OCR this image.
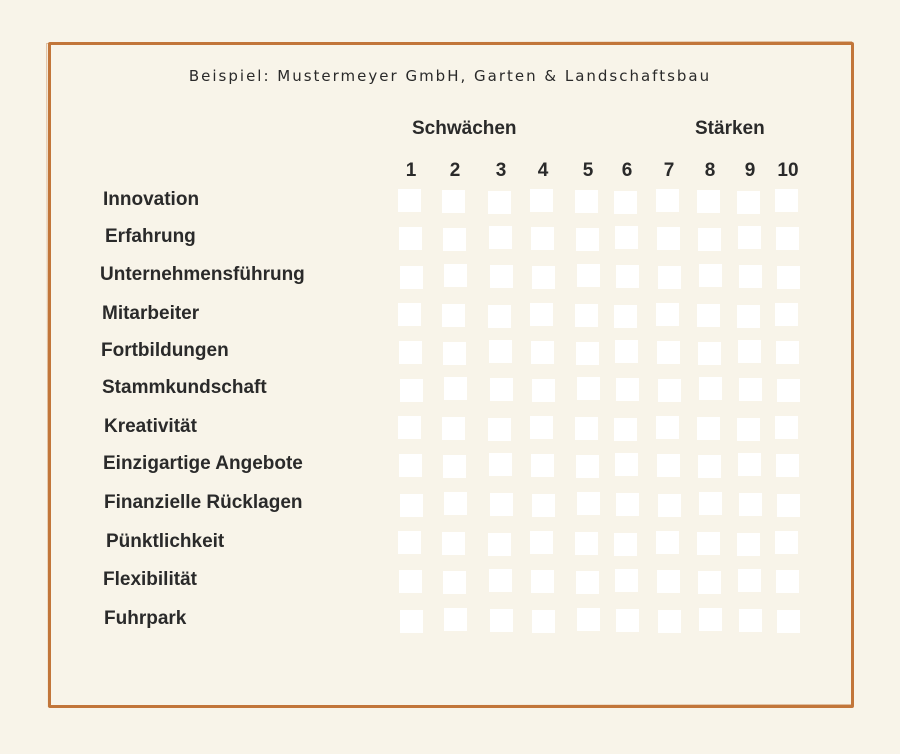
Beispiel: Mustermeyer GmbH, Garten & Landschaftsbau
Schwächen	Stärken
1	2	3	4	5	6	7	8	9	10
Innovation
Erfahrung
Unternehmensführung
Mitarbeiter
Fortbildungen
Stammkundschaft
Kreativität
Einzigartige Angebote
Finanzielle Rücklagen
Pünktlichkeit
Flexibilität
Fuhrpark
